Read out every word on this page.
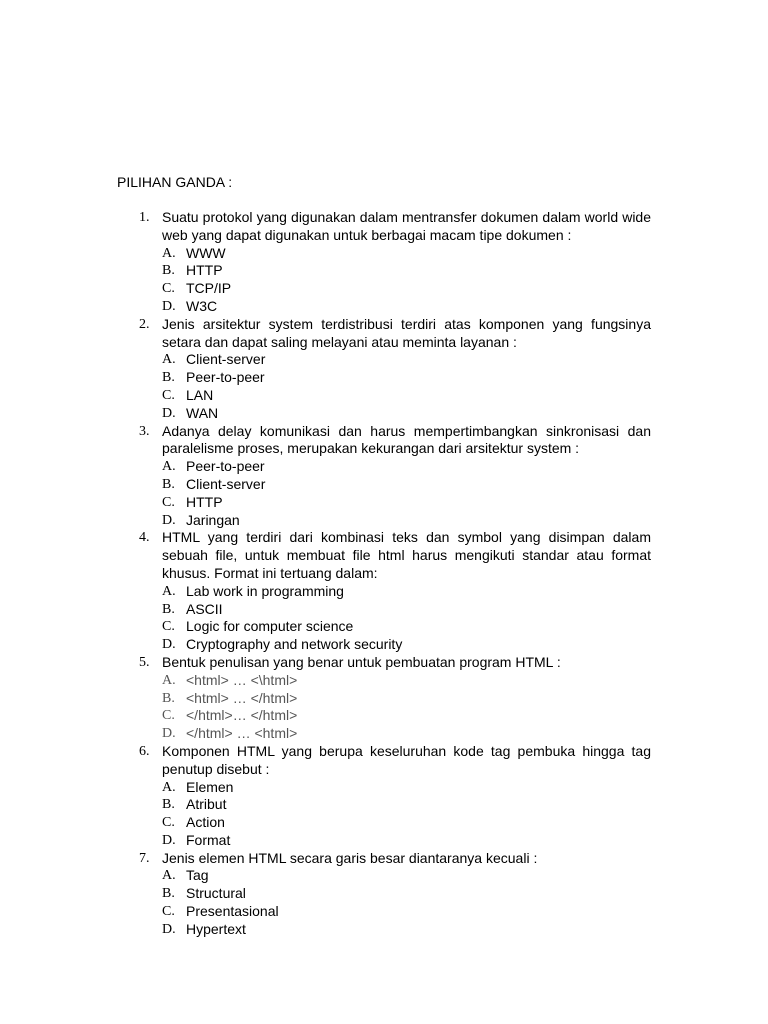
PILIHAN GANDA :
1. Suatu protokol yang digunakan dalam mentransfer dokumen dalam world wide web yang dapat digunakan untuk berbagai macam tipe dokumen :

A. WWW
B. HTTP
C. TCP/IP
D. W3C
2. Jenis arsitektur system terdistribusi terdiri atas komponen yang fungsinya setara dan dapat saling melayani atau meminta layanan :

A. Client-server
B. Peer-to-peer
C. LAN
D. WAN
3. Adanya delay komunikasi dan harus mempertimbangkan sinkronisasi dan paralelisme proses, merupakan kekurangan dari arsitektur system :

A. Peer-to-peer
B. Client-server
C. HTTP
D. Jaringan
4. HTML yang terdiri dari kombinasi teks dan symbol yang disimpan dalam sebuah file, untuk membuat file html harus mengikuti standar atau format khusus. Format ini tertuang dalam:

A. Lab work in programming
B. ASCII
C. Logic for computer science
D. Cryptography and network security
5. Bentuk penulisan yang benar untuk pembuatan program HTML :

A. <html> … <\html>
B. <html> … </html>
C. </html>… </html>
D. </html> … <html>
6. Komponen HTML yang berupa keseluruhan kode tag pembuka hingga tag penutup disebut :

A. Elemen
B. Atribut
C. Action
D. Format
7. Jenis elemen HTML secara garis besar diantaranya kecuali :

A. Tag
B. Structural
C. Presentasional
D. Hypertext
